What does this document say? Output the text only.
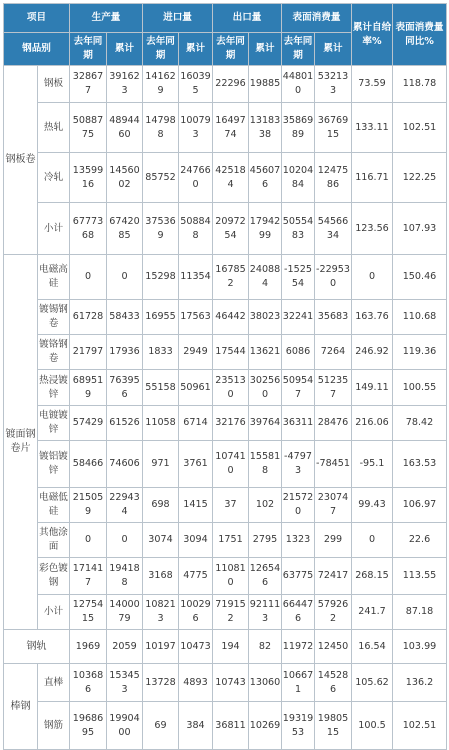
项目		生产量		进口量		出口量		表面消费量		累计自给率%	表面消费量同比%
钢品别		去年同期	累计	去年同期	累计	去年同期	累计	去年同期	累计		
钢板卷	钢板	328677	391623	141629	160395	22296	19885	448010	532133	73.59	118.78
	热轧	5088775	4894460	147988	100793	1649774	1318338	3586989	3676915	133.11	102.51
	冷轧	1359916	1456002	85752	247660	425184	456076	1020484	1247586	116.71	122.25
	小计	6777368	6742085	375369	508848	2097254	1794299	5055483	5456634	123.56	107.93
镀面钢卷片	电磁高硅	0	0	15298	11354	167852	240884	-152554	-229530	0	150.46
	镀锡钢卷	61728	58433	16955	17563	46442	38023	32241	35683	163.76	110.68
	镀铬钢卷	21797	17936	1833	2949	17544	13621	6086	7264	246.92	119.36
	热浸镀锌	689519	763956	55158	50961	235130	302560	509547	512357	149.11	100.55
	电镀镀锌	57429	61526	11058	6714	32176	39764	36311	28476	216.06	78.42
	镀铝镀锌	58466	74606	971	3761	107410	155818	-47973	-78451	-95.1	163.53
	电磁低硅	215059	229434	698	1415	37	102	215720	230747	99.43	106.97
	其他涂面	0	0	3074	3094	1751	2795	1323	299	0	22.6
	彩色镀钢	171417	194188	3168	4775	110810	126546	63775	72417	268.15	113.55
	小计	1275415	1400079	108213	100296	719152	921113	664476	579262	241.7	87.18
钢轨		1969	2059	10197	10473	194	82	11972	12450	16.54	103.99
棒钢	直棒	103686	153453	13728	4893	10743	13060	106671	145286	105.62	136.2
	钢筋	1968695	1990400	69	384	36811	10269	1931953	1980515	100.5	102.51
